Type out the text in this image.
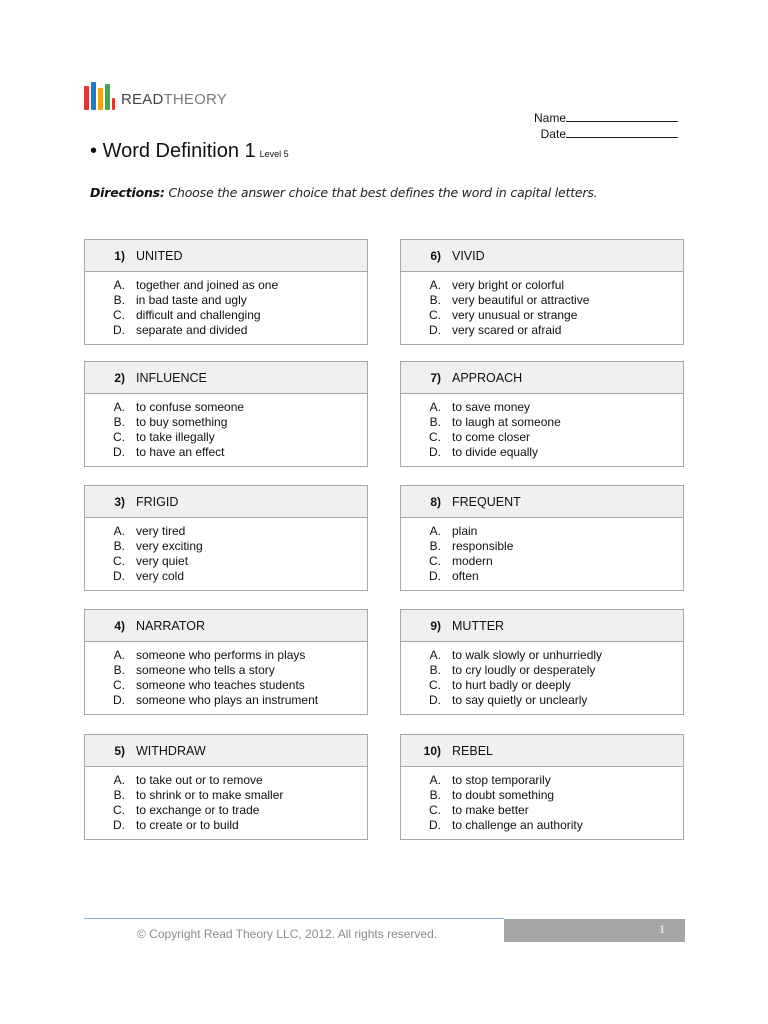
READTHEORY
Name
Date
• Word Definition 1 Level 5
Directions: Choose the answer choice that best defines the word in capital letters.
1) UNITED
A. together and joined as one
B. in bad taste and ugly
C. difficult and challenging
D. separate and divided
2) INFLUENCE
A. to confuse someone
B. to buy something
C. to take illegally
D. to have an effect
3) FRIGID
A. very tired
B. very exciting
C. very quiet
D. very cold
4) NARRATOR
A. someone who performs in plays
B. someone who tells a story
C. someone who teaches students
D. someone who plays an instrument
5) WITHDRAW
A. to take out or to remove
B. to shrink or to make smaller
C. to exchange or to trade
D. to create or to build
6) VIVID
A. very bright or colorful
B. very beautiful or attractive
C. very unusual or strange
D. very scared or afraid
7) APPROACH
A. to save money
B. to laugh at someone
C. to come closer
D. to divide equally
8) FREQUENT
A. plain
B. responsible
C. modern
D. often
9) MUTTER
A. to walk slowly or unhurriedly
B. to cry loudly or desperately
C. to hurt badly or deeply
D. to say quietly or unclearly
10) REBEL
A. to stop temporarily
B. to doubt something
C. to make better
D. to challenge an authority
© Copyright Read Theory LLC, 2012. All rights reserved.	1
